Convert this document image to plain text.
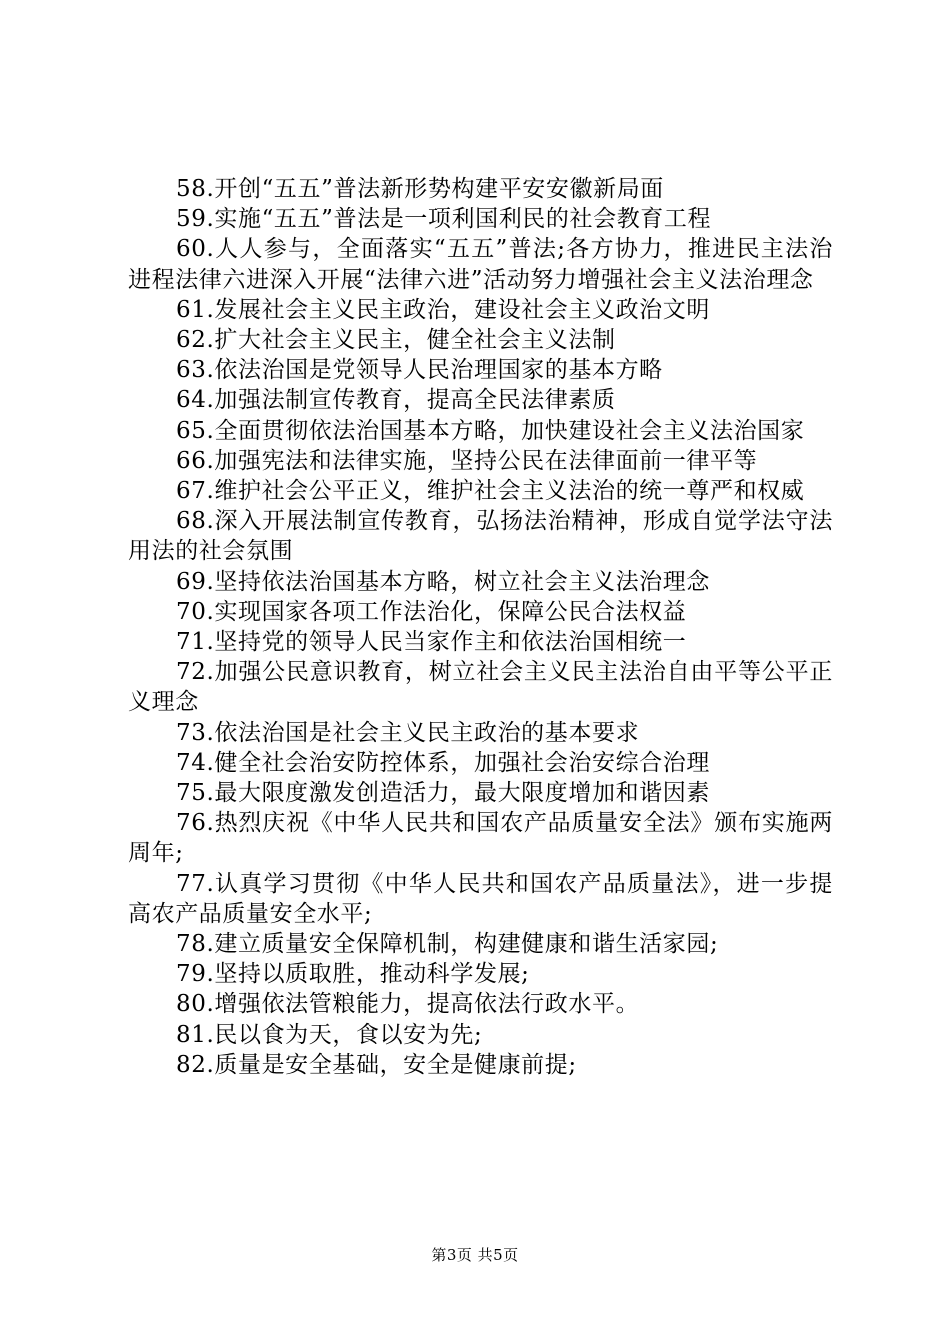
58.开创“五五”普法新形势构建平安安徽新局面

59.实施“五五”普法是一项利国利民的社会教育工程

60.人人参与，全面落实“五五”普法;各方协力，推进民主法治进程法律六进深入开展“法律六进”活动努力增强社会主义法治理念

61.发展社会主义民主政治，建设社会主义政治文明

62.扩大社会主义民主，健全社会主义法制

63.依法治国是党领导人民治理国家的基本方略

64.加强法制宣传教育，提高全民法律素质

65.全面贯彻依法治国基本方略，加快建设社会主义法治国家

66.加强宪法和法律实施，坚持公民在法律面前一律平等

67.维护社会公平正义，维护社会主义法治的统一尊严和权威

68.深入开展法制宣传教育，弘扬法治精神，形成自觉学法守法用法的社会氛围

69.坚持依法治国基本方略，树立社会主义法治理念

70.实现国家各项工作法治化，保障公民合法权益

71.坚持党的领导人民当家作主和依法治国相统一

72.加强公民意识教育，树立社会主义民主法治自由平等公平正义理念

73.依法治国是社会主义民主政治的基本要求

74.健全社会治安防控体系，加强社会治安综合治理

75.最大限度激发创造活力，最大限度增加和谐因素

76.热烈庆祝《中华人民共和国农产品质量安全法》颁布实施两周年;

77.认真学习贯彻《中华人民共和国农产品质量法》，进一步提高农产品质量安全水平;

78.建立质量安全保障机制，构建健康和谐生活家园;

79.坚持以质取胜，推动科学发展;

80.增强依法管粮能力，提高依法行政水平。

81.民以食为天，食以安为先;

82.质量是安全基础，安全是健康前提;

第3页 共5页
